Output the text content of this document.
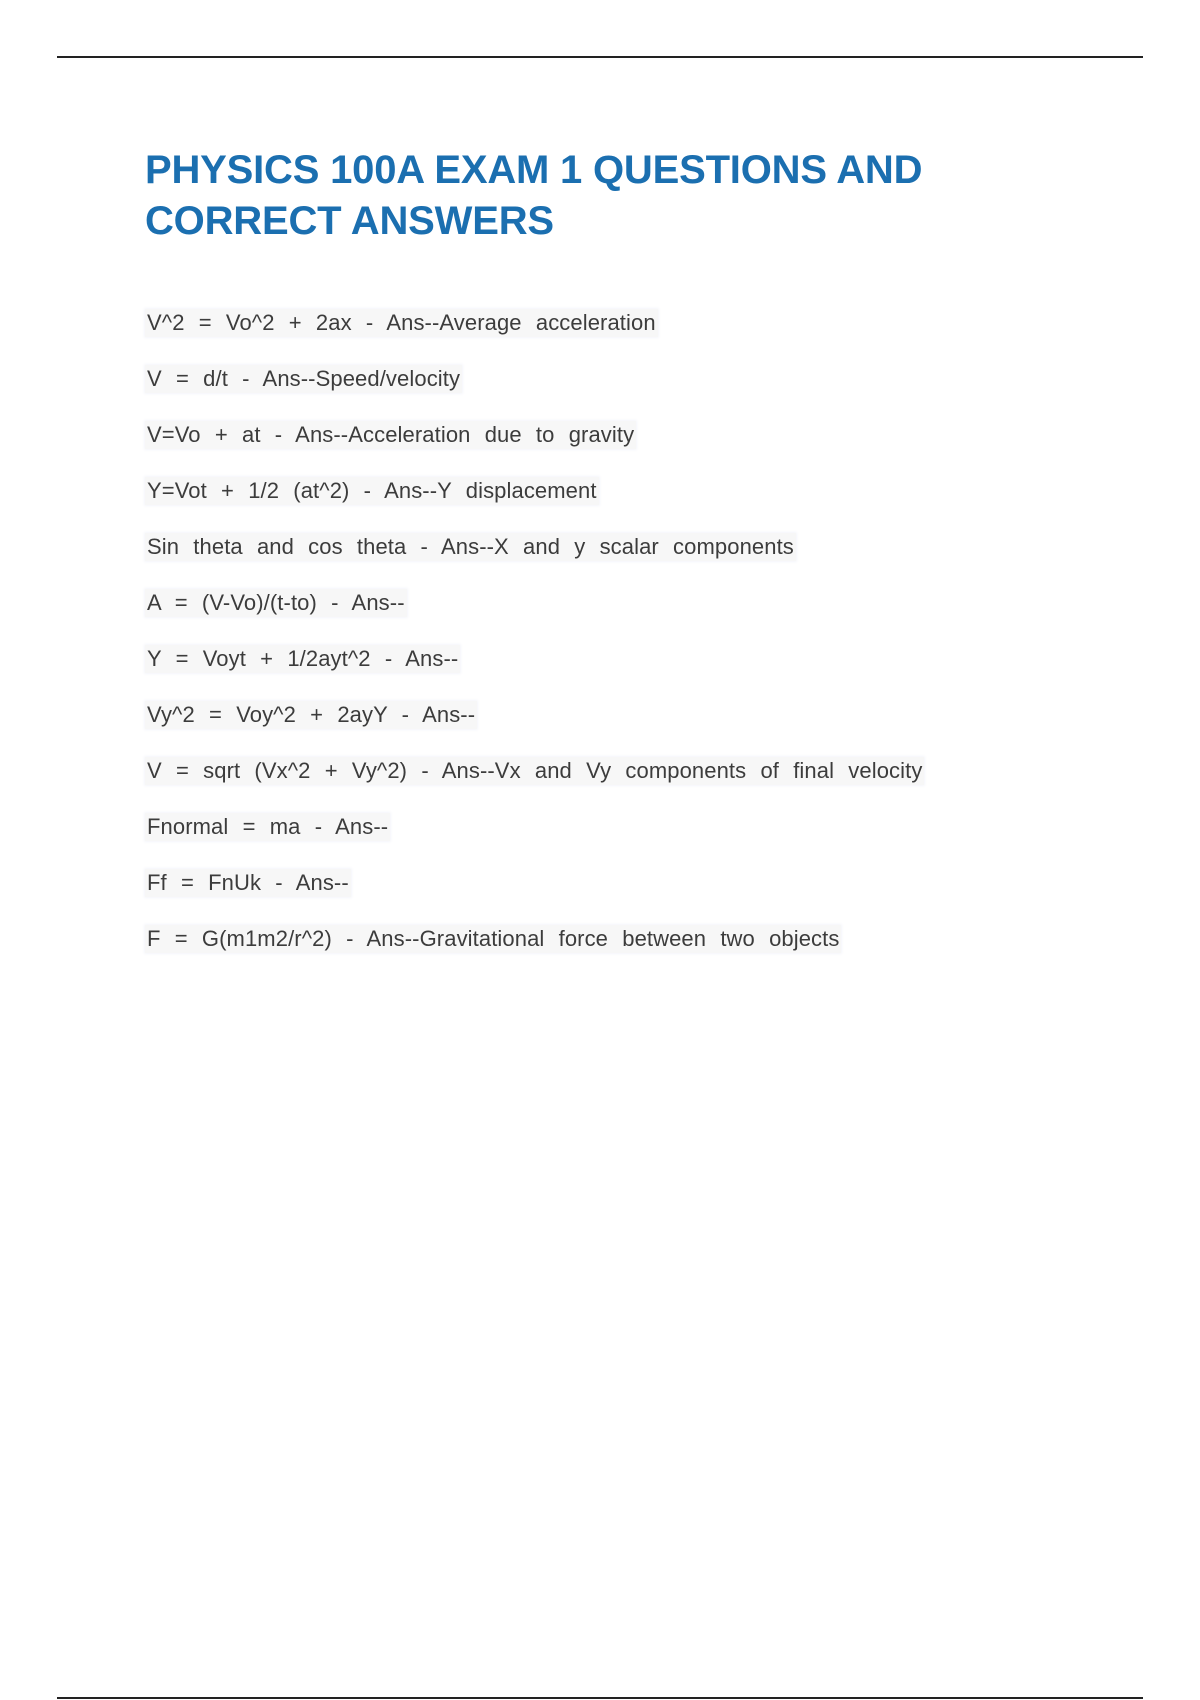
PHYSICS 100A EXAM 1 QUESTIONS AND CORRECT ANSWERS
V^2 = Vo^2 + 2ax - Ans--Average acceleration
V = d/t - Ans--Speed/velocity
V=Vo + at - Ans--Acceleration due to gravity
Y=Vot + 1/2 (at^2) - Ans--Y displacement
Sin theta and cos theta - Ans--X and y scalar components
A = (V-Vo)/(t-to) - Ans--
Y = Voyt + 1/2ayt^2 - Ans--
Vy^2 = Voy^2 + 2ayY - Ans--
V = sqrt (Vx^2 + Vy^2) - Ans--Vx and Vy components of final velocity
Fnormal = ma - Ans--
Ff = FnUk - Ans--
F = G(m1m2/r^2) - Ans--Gravitational force between two objects
